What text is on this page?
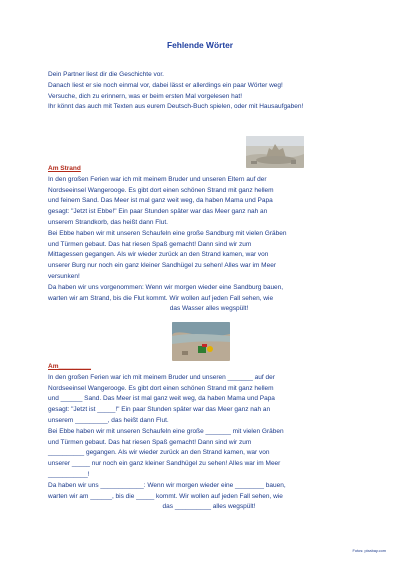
Fehlende Wörter

Dein Partner liest dir die Geschichte vor.

Danach liest er sie noch einmal vor, dabei lässt er allerdings ein paar Wörter weg!

Versuche, dich zu erinnern, was er beim ersten Mal vorgelesen hat!

Ihr könnt das auch mit Texten aus eurem Deutsch-Buch spielen, oder mit Hausaufgaben!

Am Strand

In den großen Ferien war ich mit meinem Bruder und unseren Eltern auf der

Nordseeinsel Wangerooge. Es gibt dort einen schönen Strand mit ganz hellem

und feinem Sand. Das Meer ist mal ganz weit weg, da haben Mama und Papa

gesagt: "Jetzt ist Ebbe!" Ein paar Stunden später war das Meer ganz nah an

unserem Strandkorb, das heißt dann Flut.

Bei Ebbe haben wir mit unseren Schaufeln eine große Sandburg mit vielen Gräben

und Türmen gebaut. Das hat riesen Spaß gemacht! Dann sind wir zum

Mittagessen gegangen. Als wir wieder zurück an den Strand kamen, war von

unserer Burg nur noch ein ganz kleiner Sandhügel zu sehen! Alles war im Meer

versunken!

Da haben wir uns vorgenommen: Wenn wir morgen wieder eine Sandburg bauen,

warten wir am Strand, bis die Flut kommt. Wir wollen auf jeden Fall sehen, wie

das Wasser alles wegspült!

Am_________

In den großen Ferien war ich mit meinem Bruder und unseren _______ auf der

Nordseeinsel Wangerooge. Es gibt dort einen schönen Strand mit ganz hellem

und ______ Sand. Das Meer ist mal ganz weit weg, da haben Mama und Papa

gesagt: "Jetzt ist _____!" Ein paar Stunden später war das Meer ganz nah an

unserem _________, das heißt dann Flut.

Bei Ebbe haben wir mit unseren Schaufeln eine große _______ mit vielen Gräben

und Türmen gebaut. Das hat riesen Spaß gemacht! Dann sind wir zum

__________ gegangen. Als wir wieder zurück an den Strand kamen, war von

unserer _____ nur noch ein ganz kleiner Sandhügel zu sehen! Alles war im Meer

___________!

Da haben wir uns ____________: Wenn wir morgen wieder eine ________ bauen,

warten wir am ______, bis die _____ kommt. Wir wollen auf jeden Fall sehen, wie

das __________ alles wegspült!

Fotos: pixabay.com
